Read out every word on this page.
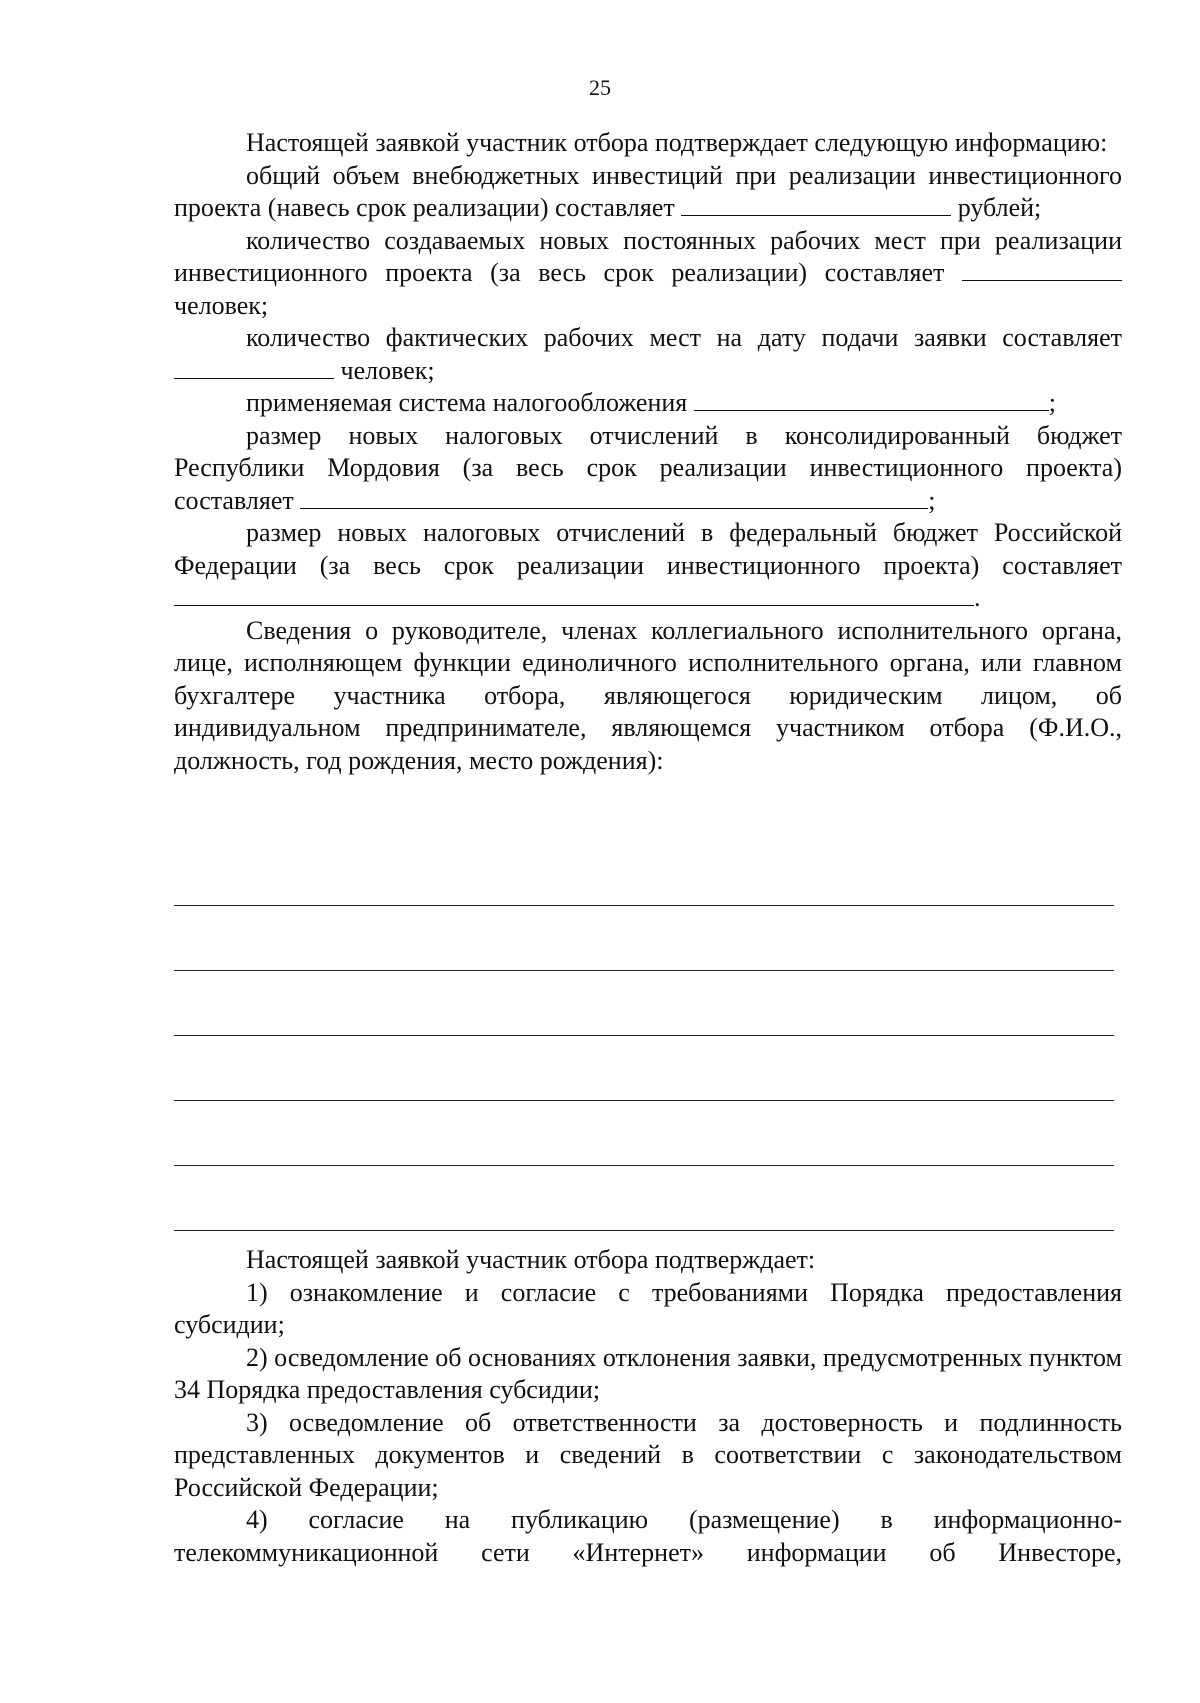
25

Настоящей заявкой участник отбора подтверждает следующую информацию:

общий объем внебюджетных инвестиций при реализации инвестиционного проекта (навесь срок реализации) составляет	рублей;

количество создаваемых новых постоянных рабочих мест при реализации инвестиционного проекта (за весь срок реализации) составляет  человек;

количество фактических рабочих мест на дату подачи заявки составляет человек;

применяемая система налогообложения	;

размер новых налоговых отчислений в консолидированный бюджет Республики Мордовия (за весь срок реализации инвестиционного проекта) составляет	;

размер новых налоговых отчислений в федеральный бюджет Российской Федерации (за весь срок реализации инвестиционного проекта) составляет.

Сведения о руководителе, членах коллегиального исполнительного органа, лице, исполняющем функции единоличного исполнительного органа, или главном бухгалтере участника отбора, являющегося юридическим лицом, об индивидуальном предпринимателе, являющемся участником отбора (Ф.И.О., должность, год рождения, место рождения):

Настоящей заявкой участник отбора подтверждает:

1) ознакомление и согласие с требованиями Порядка предоставления субсидии;

2) осведомление об основаниях отклонения заявки, предусмотренных пунктом 34 Порядка предоставления субсидии;

3) осведомление об ответственности за достоверность и подлинность представленных документов и сведений в соответствии с законодательством Российской Федерации;

4) согласие на публикацию (размещение) в информационно-телекоммуникационной сети «Интернет» информации об Инвесторе,
